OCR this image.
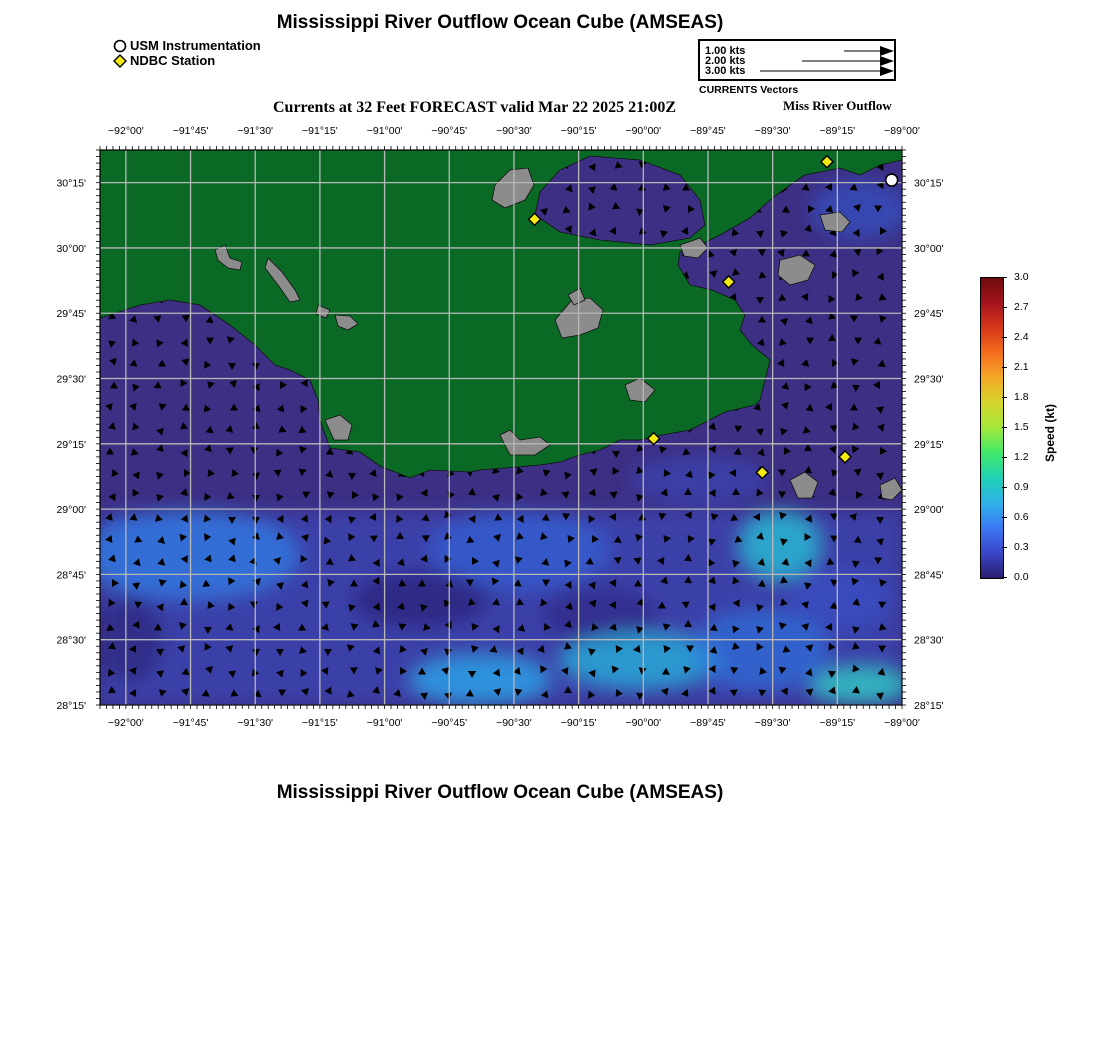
Mississippi River Outflow Ocean Cube (AMSEAS)
USM Instrumentation
NDBC Station
1.00 kts
2.00 kts
3.00 kts
CURRENTS Vectors
Currents at 32 Feet FORECAST valid Mar 22 2025 21:00Z	Miss River Outflow
−92°00'
−92°00'
−91°45'
−91°45'
−91°30'
−91°30'
−91°15'
−91°15'
−91°00'
−91°00'
−90°45'
−90°45'
−90°30'
−90°30'
−90°15'
−90°15'
−90°00'
−90°00'
−89°45'
−89°45'
−89°30'
−89°30'
−89°15'
−89°15'
−89°00'
−89°00'
30°15'	30°15'
30°00'	30°00'
29°45'	29°45'
29°30'	29°30'
29°15'	29°15'
29°00'	29°00'
28°45'	28°45'
28°30'	28°30'
28°15'	28°15'
3.0
2.7
2.4
2.1
1.8
1.5
1.2
0.9
0.6
0.3
0.0
Speed (kt)
Mississippi River Outflow Ocean Cube (AMSEAS)
